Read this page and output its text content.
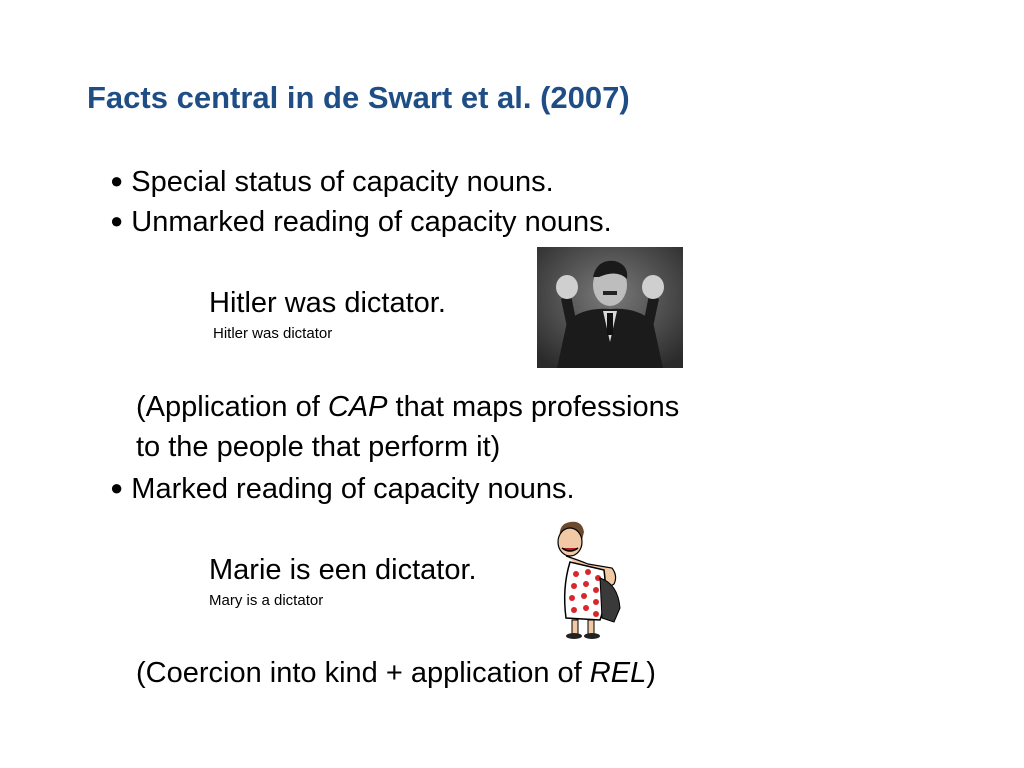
Facts central in de Swart et al. (2007)
● Special status of capacity nouns.
● Unmarked reading of capacity nouns.
Hitler was dictator.
Hitler was dictator
(Application of CAP that maps professions
to the people that perform it)
● Marked reading of capacity nouns.
Marie is een dictator.
Mary is a dictator
(Coercion into kind + application of REL)
